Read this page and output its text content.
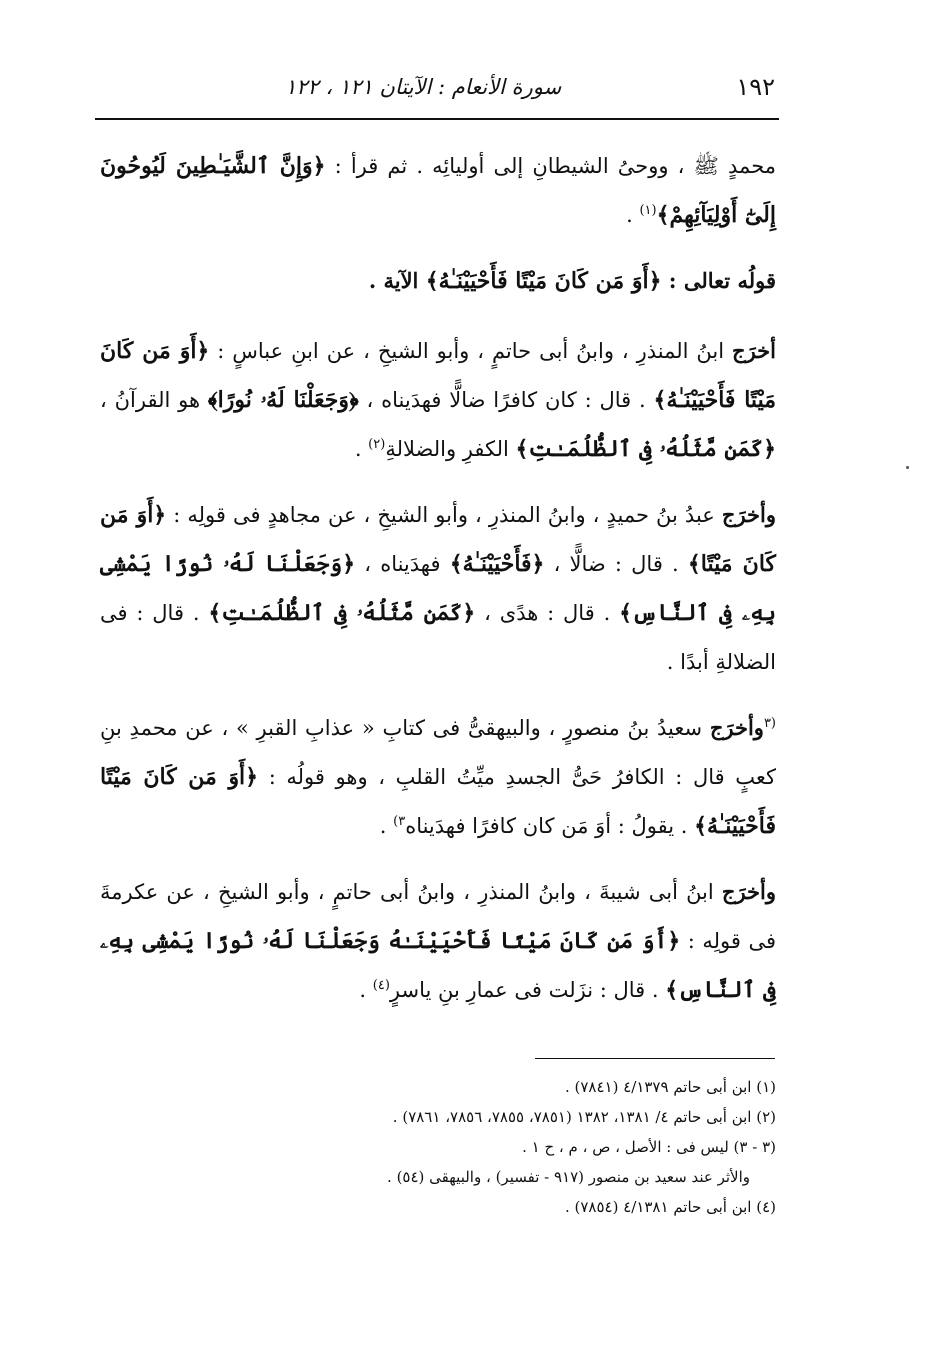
١٩٢
سورة الأنعام : الآيتان ١٢١ ، ١٢٢

محمدٍ ﷺ ، ووحىُ الشيطانِ إلى أوليائِه . ثم قرأ : ﴿وَإِنَّ ٱلشَّيَـٰطِينَ لَيُوحُونَ إِلَىٰٓ أَوْلِيَآئِهِمْ﴾$^{(١)}$ .

قولُه تعالى : ﴿أَوَ مَن كَانَ مَيْتًا فَأَحْيَيْنَـٰهُ﴾ الآية .

أخرَج ابنُ المنذرِ ، وابنُ أبى حاتمٍ ، وأبو الشيخِ ، عن ابنِ عباسٍ : ﴿أَوَ مَن كَانَ مَيْتًا فَأَحْيَيْنَـٰهُ﴾ . قال : كان كافرًا ضالًّا فهدَيناه ، ﴿وَجَعَلْنَا لَهُۥ نُورًا﴾ هو القرآنُ ، ﴿كَمَن مَّثَلُهُۥ فِى ٱلظُّلُمَـٰتِ﴾ الكفرِ والضلالةِ$^{(٢)}$ .

وأخرَج عبدُ بنُ حميدٍ ، وابنُ المنذرِ ، وأبو الشيخِ ، عن مجاهدٍ فى قولِه : ﴿أَوَ مَن كَانَ مَيْتًا﴾ . قال : ضالًّا ، ﴿فَأَحْيَيْنَـٰهُ﴾ فهدَيناه ، ﴿وَجَعَلْنَا لَهُۥ نُورًا يَمْشِى بِهِۦ فِى ٱلنَّاسِ﴾ . قال : هدًى ، ﴿كَمَن مَّثَلُهُۥ فِى ٱلظُّلُمَـٰتِ﴾ . قال : فى الضلالةِ أبدًا .

$^{(٣}$وأخرَج سعيدُ بنُ منصورٍ ، والبيهقىُّ فى كتابِ « عذابِ القبرِ » ، عن محمدِ بنِ كعبٍ قال : الكافرُ حَىُّ الجسدِ ميِّتُ القلبِ ، وهو قولُه : ﴿أَوَ مَن كَانَ مَيْتًا فَأَحْيَيْنَـٰهُ﴾ . يقولُ : أوَ مَن كان كافرًا فهدَيناه$^{٣)}$ .

وأخرَج ابنُ أبى شيبةَ ، وابنُ المنذرِ ، وابنُ أبى حاتمٍ ، وأبو الشيخِ ، عن عكرمةَ فى قولِه : ﴿أَوَ مَن كَانَ مَيْتًا فَأَحْيَيْنَـٰهُ وَجَعَلْنَا لَهُۥ نُورًا يَمْشِى بِهِۦ فِى ٱلنَّاسِ﴾ . قال : نزَلت فى عمارِ بنِ ياسرٍ$^{(٤)}$ .

(١) ابن أبى حاتم ٤/١٣٧٩ (٧٨٤١) .

(٢) ابن أبى حاتم ٤/ ١٣٨١، ١٣٨٢ (٧٨٥١، ٧٨٥٥، ٧٨٥٦، ٧٨٦١) .

(٣ - ٣) ليس فى : الأصل ، ص ، م ، ح ١ .

والأثر عند سعيد بن منصور (٩١٧ - تفسير) ، والبيهقى (٥٤) .

(٤) ابن أبى حاتم ٤/١٣٨١ (٧٨٥٤) .
